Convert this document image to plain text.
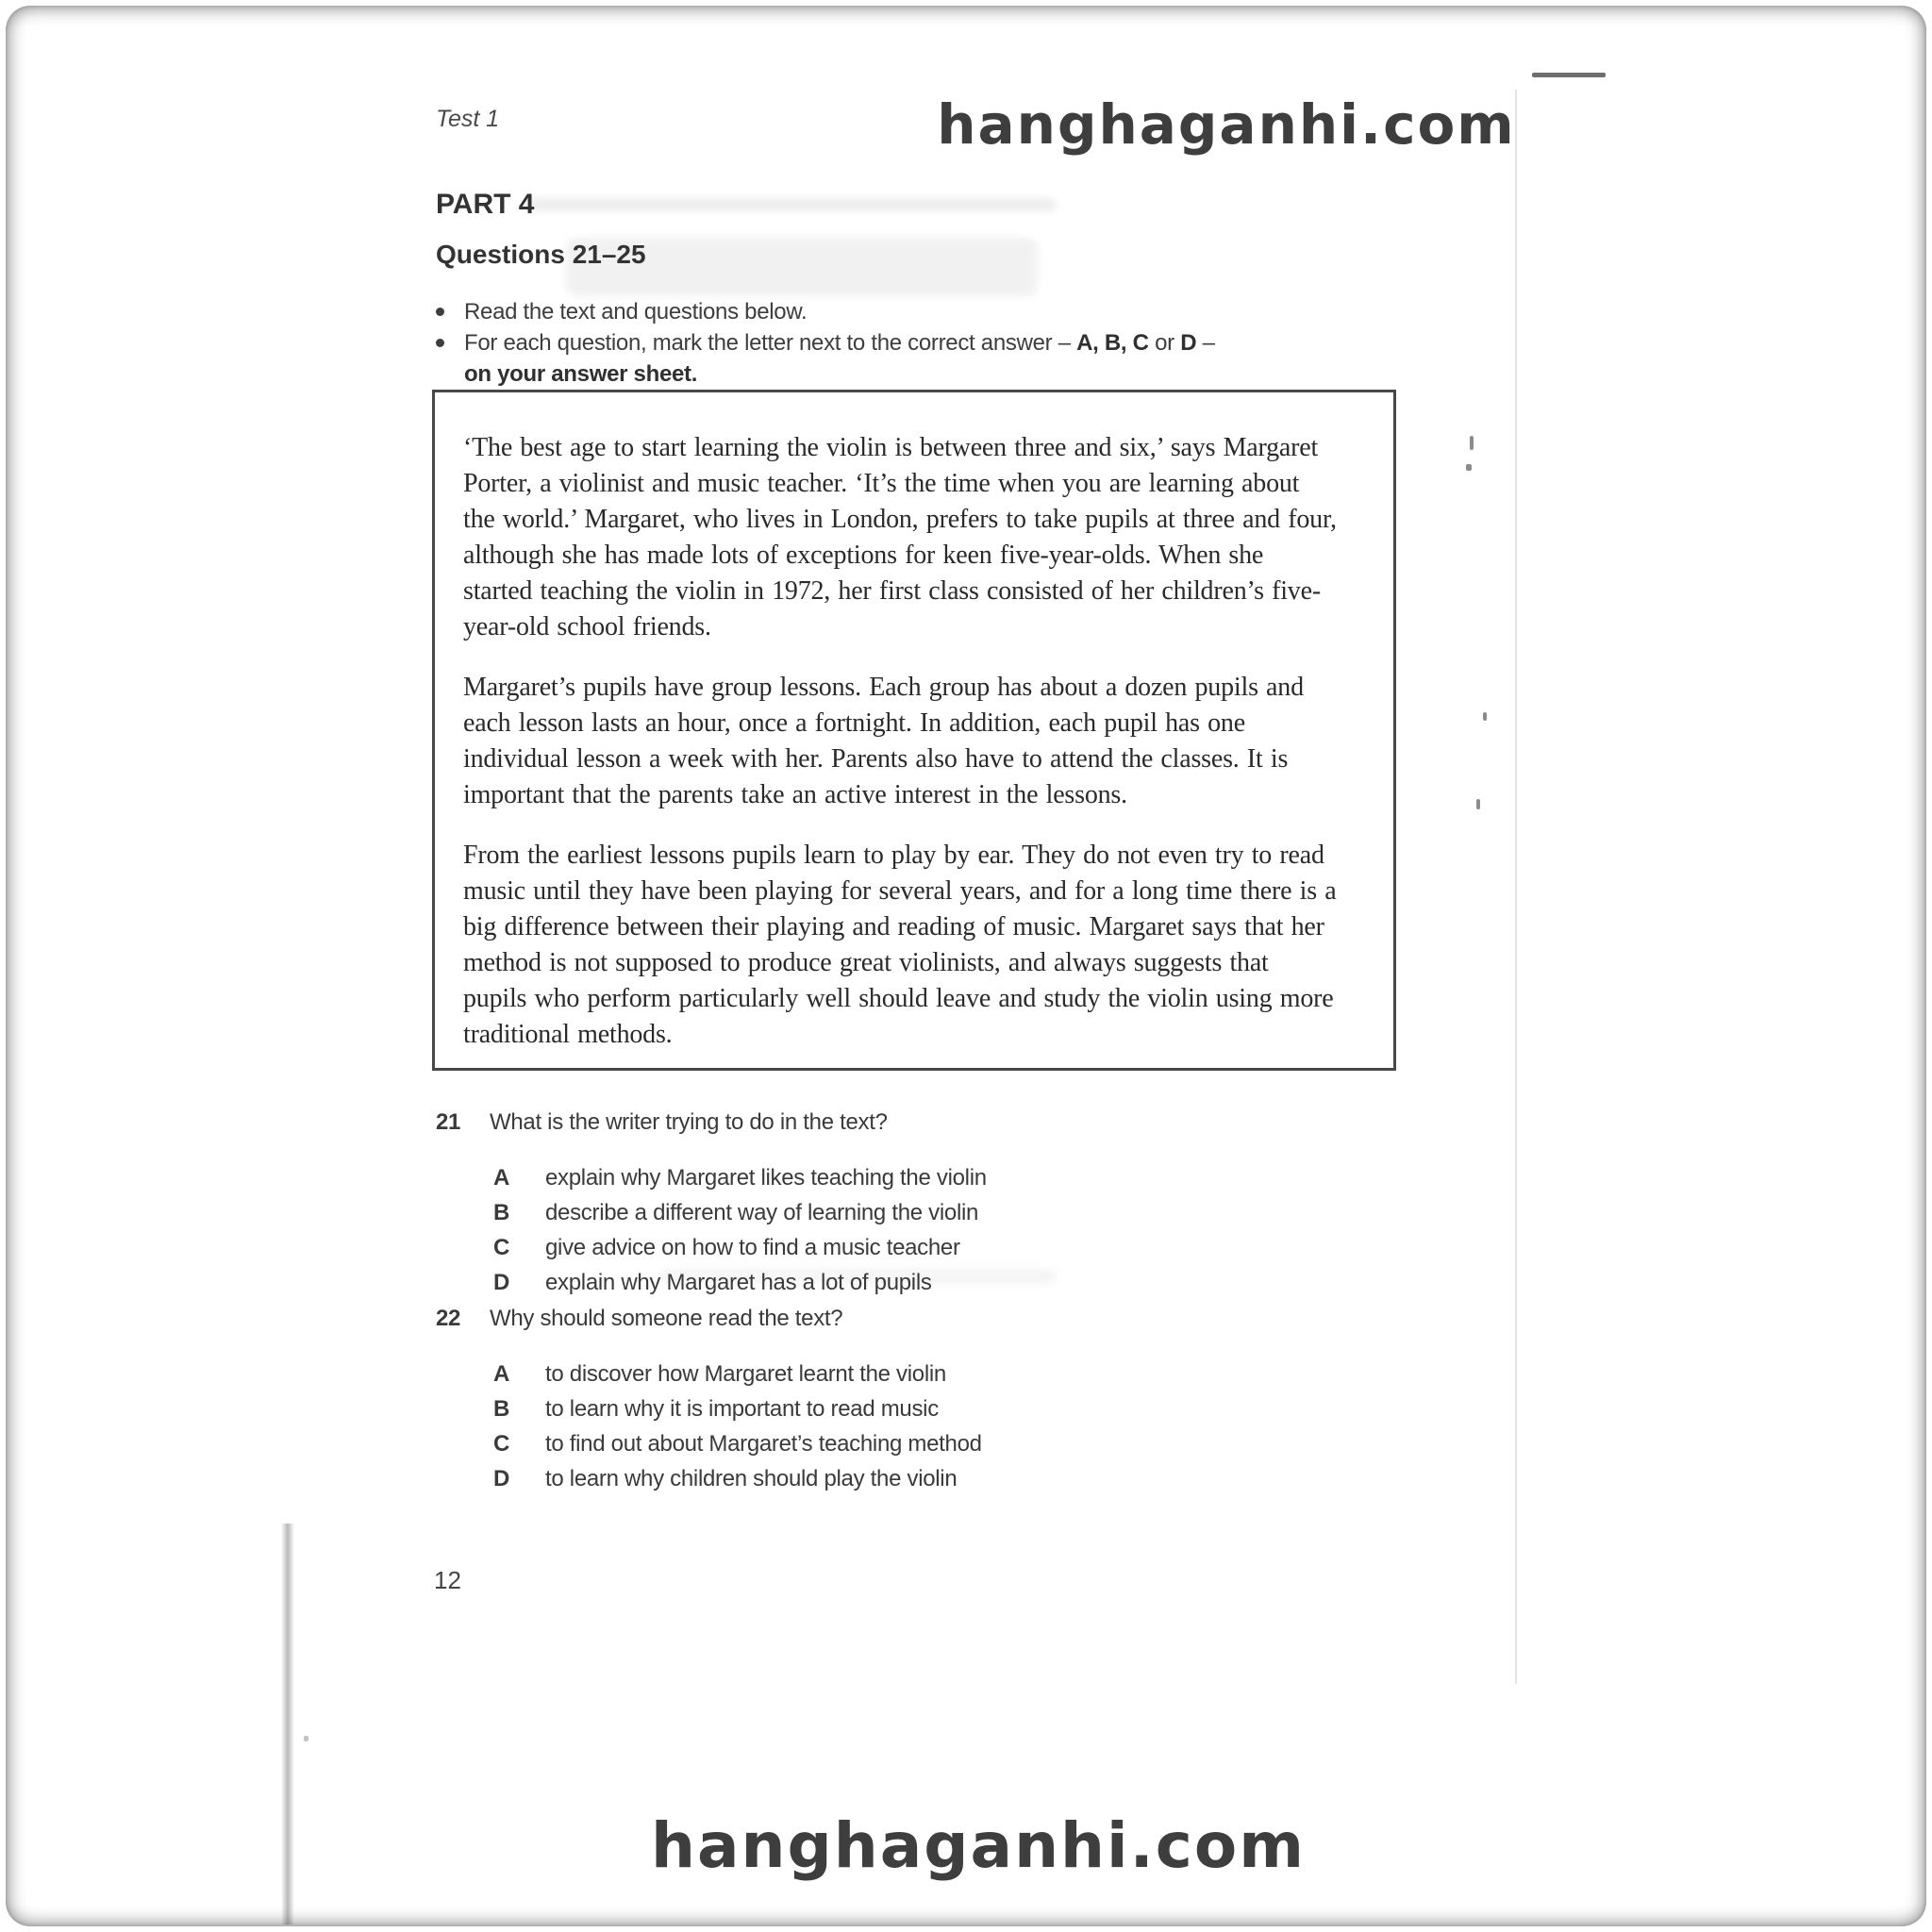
Test 1	hanghaganhi.com
PART 4
Questions 21–25
Read the text and questions below.
For each question, mark the letter next to the correct answer – A, B, C or D –
on your answer sheet.
‘The best age to start learning the violin is between three and six,’ says Margaret
Porter, a violinist and music teacher. ‘It’s the time when you are learning about
the world.’ Margaret, who lives in London, prefers to take pupils at three and four,
although she has made lots of exceptions for keen five-year-olds. When she
started teaching the violin in 1972, her first class consisted of her children’s five-
year-old school friends.
Margaret’s pupils have group lessons. Each group has about a dozen pupils and
each lesson lasts an hour, once a fortnight. In addition, each pupil has one
individual lesson a week with her. Parents also have to attend the classes. It is
important that the parents take an active interest in the lessons.
From the earliest lessons pupils learn to play by ear. They do not even try to read
music until they have been playing for several years, and for a long time there is a
big difference between their playing and reading of music. Margaret says that her
method is not supposed to produce great violinists, and always suggests that
pupils who perform particularly well should leave and study the violin using more
traditional methods.
21	What is the writer trying to do in the text?
A	explain why Margaret likes teaching the violin
B	describe a different way of learning the violin
C	give advice on how to find a music teacher
D	explain why Margaret has a lot of pupils
22	Why should someone read the text?
A	to discover how Margaret learnt the violin
B	to learn why it is important to read music
C	to find out about Margaret’s teaching method
D	to learn why children should play the violin
12
hanghaganhi.com
